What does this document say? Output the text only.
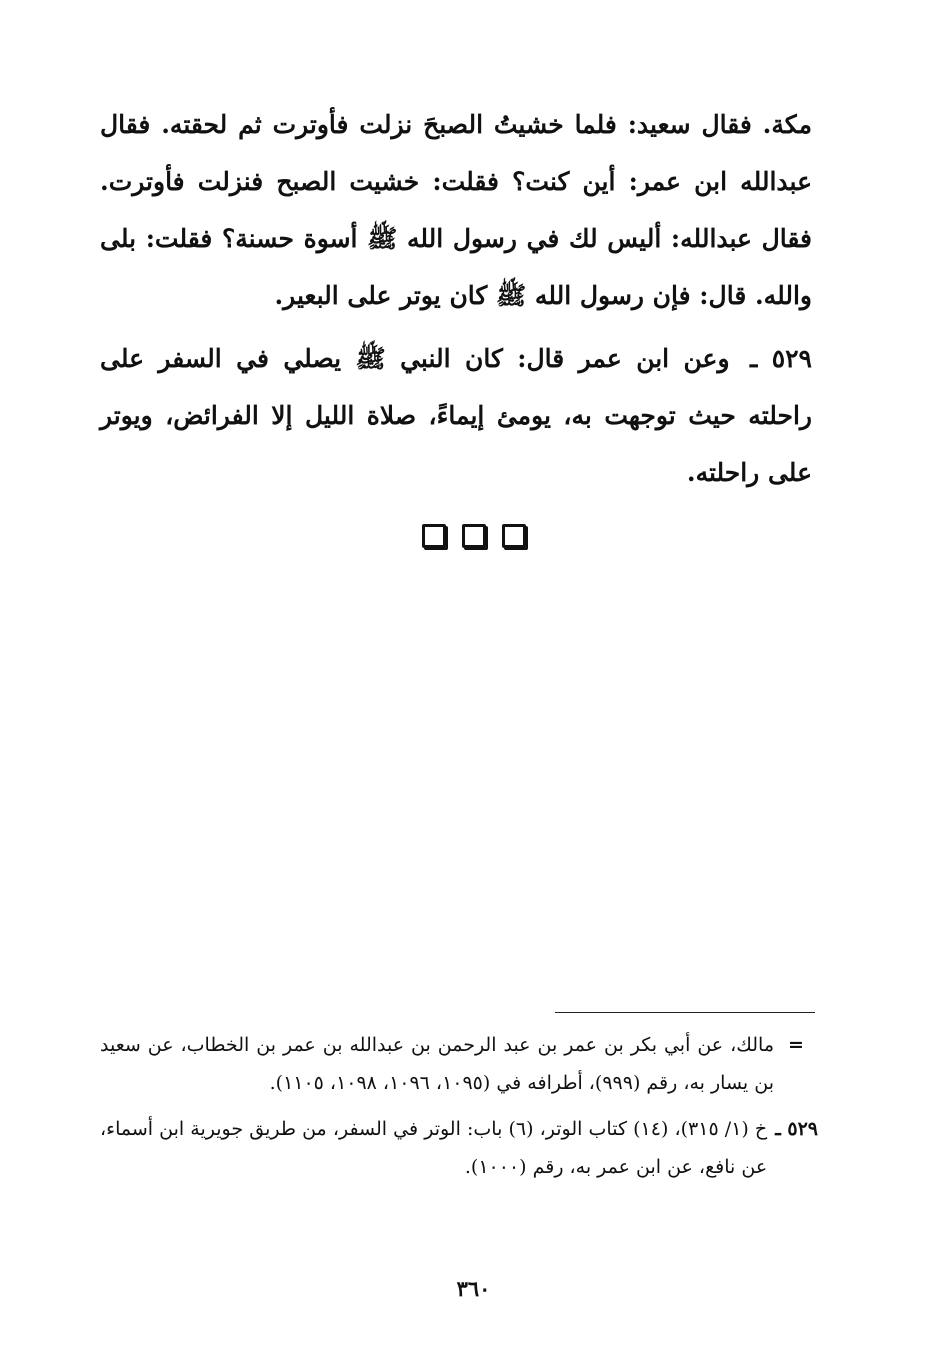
مكة. فقال سعيد: فلما خشيتُ الصبحَ نزلت فأوترت ثم لحقته. فقال عبدالله ابن عمر: أين كنت؟ فقلت: خشيت الصبح فنزلت فأوترت. فقال عبدالله: أليس لك في رسول الله ﷺ أسوة حسنة؟ فقلت: بلى والله. قال: فإن رسول الله ﷺ كان يوتر على البعير.

٥٢٩ ـ وعن ابن عمر قال: كان النبي ﷺ يصلي في السفر على راحلته حيث توجهت به، يومئ إيماءً، صلاة الليل إلا الفرائض، ويوتر على راحلته.

=
مالك، عن أبي بكر بن عمر بن عبد الرحمن بن عبدالله بن عمر بن الخطاب، عن سعيد بن يسار به، رقم (٩٩٩)، أطرافه في (١٠٩٥، ١٠٩٦، ١٠٩٨، ١١٠٥).
٥٢٩ ـ
خ (١/ ٣١٥)، (١٤) كتاب الوتر، (٦) باب: الوتر في السفر، من طريق جويرية ابن أسماء، عن نافع، عن ابن عمر به، رقم (١٠٠٠).
٣٦٠
